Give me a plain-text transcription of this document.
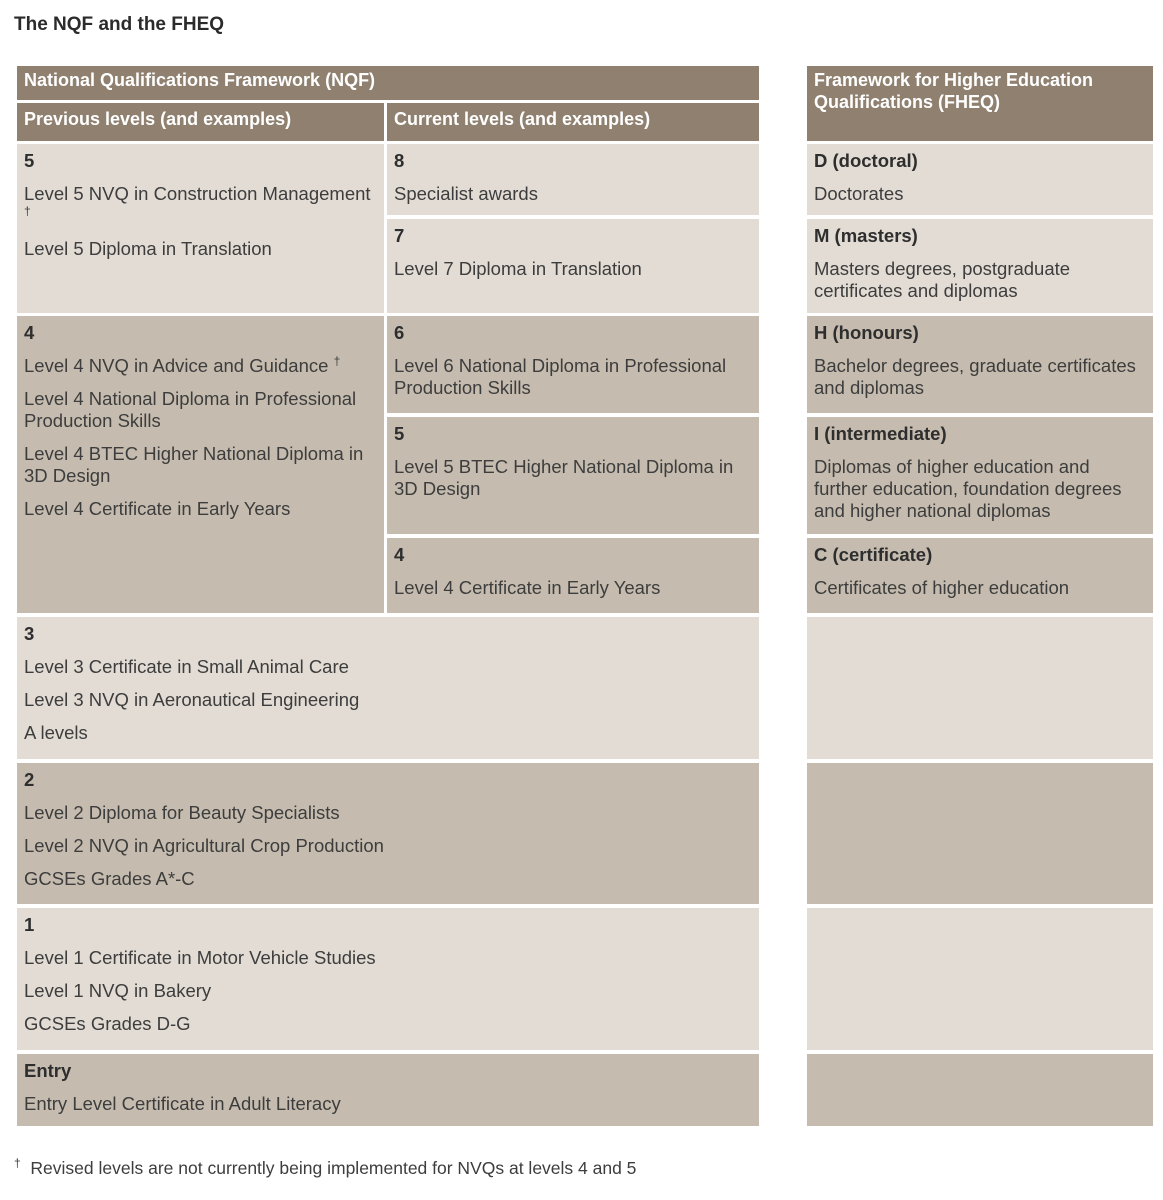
The NQF and the FHEQ
National Qualifications Framework (NQF)
Previous levels (and examples)	Current levels (and examples)
Framework for Higher Education Qualifications (FHEQ)
5
Level 5 NVQ in Construction Management †
Level 5 Diploma in Translation
4
Level 4 NVQ in Advice and Guidance †
Level 4 National Diploma in Professional Production Skills
Level 4 BTEC Higher National Diploma in 3D Design
Level 4 Certificate in Early Years
8
Specialist awards
7
Level 7 Diploma in Translation
6
Level 6 National Diploma in Professional Production Skills
5
Level 5 BTEC Higher National Diploma in 3D Design
4
Level 4 Certificate in Early Years
3
Level 3 Certificate in Small Animal Care
Level 3 NVQ in Aeronautical Engineering
A levels
2
Level 2 Diploma for Beauty Specialists
Level 2 NVQ in Agricultural Crop Production
GCSEs Grades A*-C
1
Level 1 Certificate in Motor Vehicle Studies
Level 1 NVQ in Bakery
GCSEs Grades D-G
Entry
Entry Level Certificate in Adult Literacy
D (doctoral)
Doctorates
M (masters)
Masters degrees, postgraduate certificates and diplomas
H (honours)
Bachelor degrees, graduate certificates and diplomas
I (intermediate)
Diplomas of higher education and further education, foundation degrees and higher national diplomas
C (certificate)
Certificates of higher education
† Revised levels are not currently being implemented for NVQs at levels 4 and 5
